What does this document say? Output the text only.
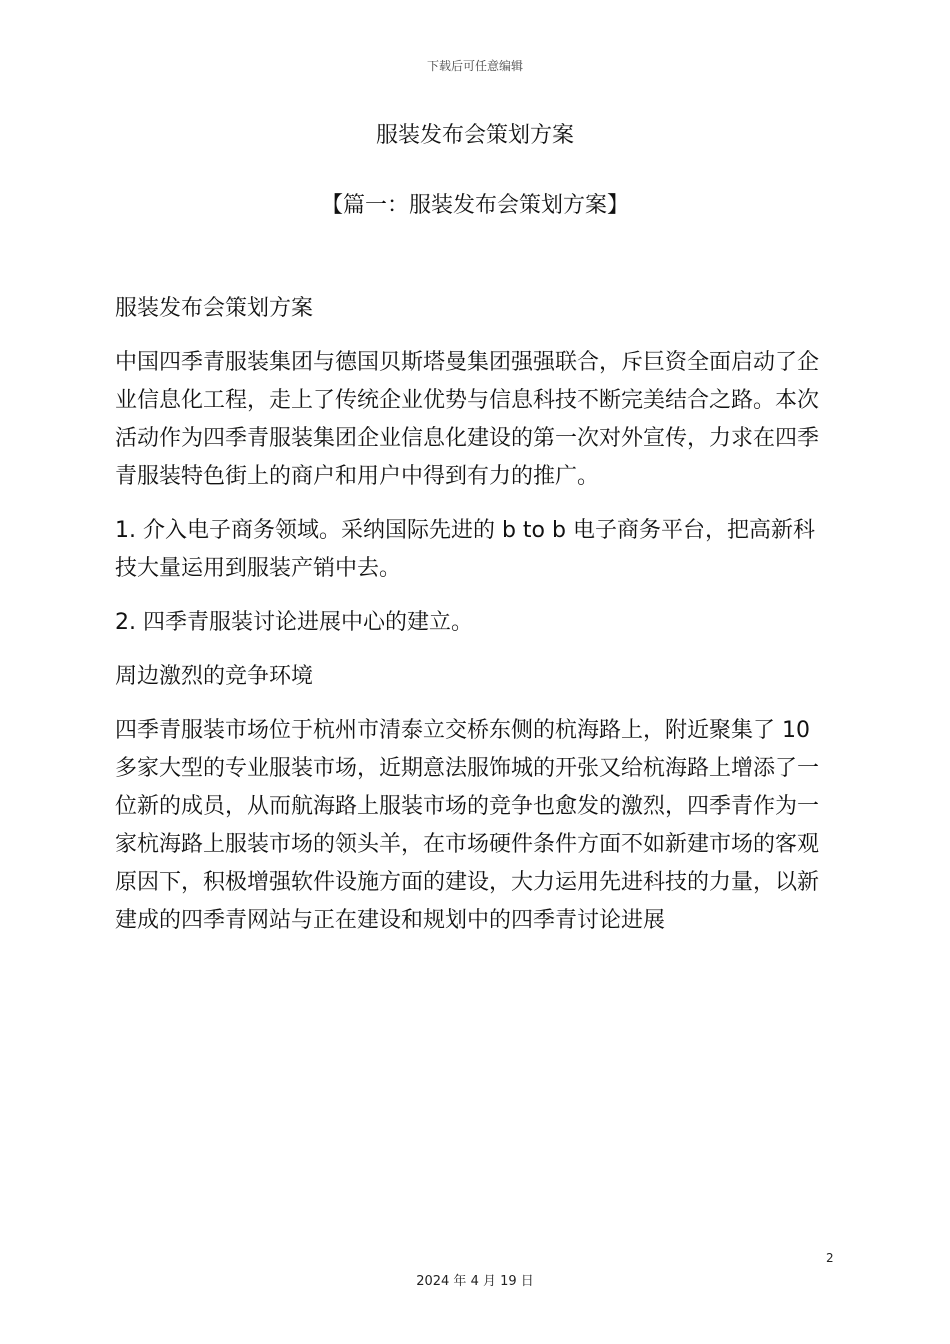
下载后可任意编辑
服装发布会策划方案
【篇一：服装发布会策划方案】

服装发布会策划方案

中国四季青服装集团与德国贝斯塔曼集团强强联合，斥巨资全面启动了企业信息化工程，走上了传统企业优势与信息科技不断完美结合之路。本次活动作为四季青服装集团企业信息化建设的第一次对外宣传，力求在四季青服装特色街上的商户和用户中得到有力的推广。

1. 介入电子商务领域。采纳国际先进的 b to b 电子商务平台，把高新科技大量运用到服装产销中去。

2. 四季青服装讨论进展中心的建立。

周边激烈的竞争环境

四季青服装市场位于杭州市清泰立交桥东侧的杭海路上，附近聚集了 10 多家大型的专业服装市场，近期意法服饰城的开张又给杭海路上增添了一位新的成员，从而航海路上服装市场的竞争也愈发的激烈，四季青作为一家杭海路上服装市场的领头羊，在市场硬件条件方面不如新建市场的客观原因下，积极增强软件设施方面的建设，大力运用先进科技的力量，以新建成的四季青网站与正在建设和规划中的四季青讨论进展

2
2024 年 4 月 19 日
